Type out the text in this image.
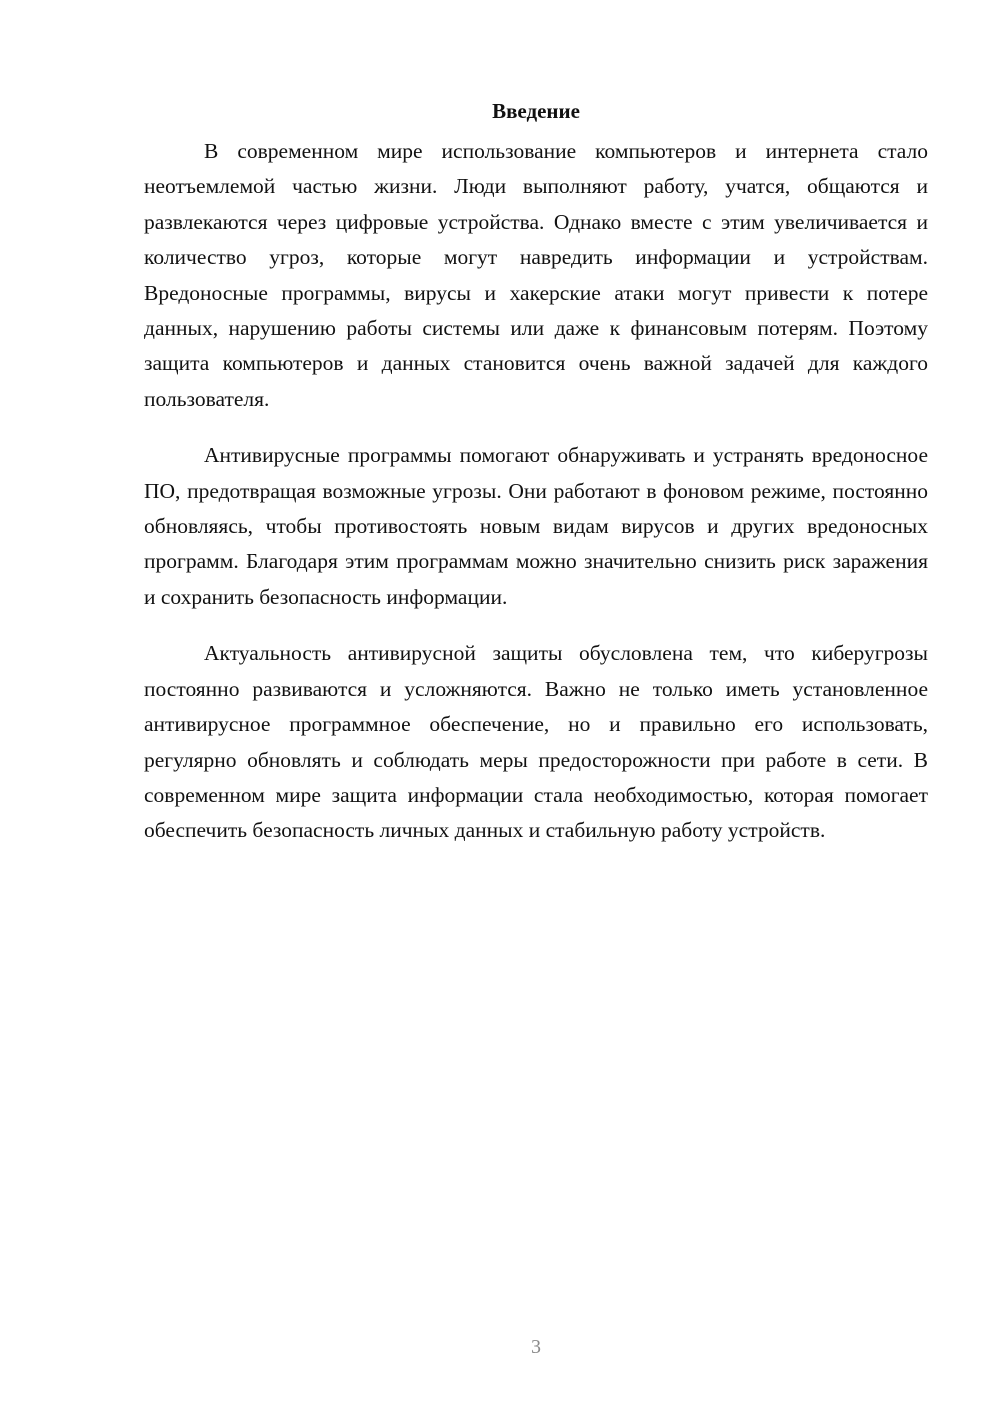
Введение

В современном мире использование компьютеров и интернета стало неотъемлемой частью жизни. Люди выполняют работу, учатся, общаются и развлекаются через цифровые устройства. Однако вместе с этим увеличивается и количество угроз, которые могут навредить информации и устройствам. Вредоносные программы, вирусы и хакерские атаки могут привести к потере данных, нарушению работы системы или даже к финансовым потерям. Поэтому защита компьютеров и данных становится очень важной задачей для каждого пользователя.

Антивирусные программы помогают обнаруживать и устранять вредоносное ПО, предотвращая возможные угрозы. Они работают в фоновом режиме, постоянно обновляясь, чтобы противостоять новым видам вирусов и других вредоносных программ. Благодаря этим программам можно значительно снизить риск заражения и сохранить безопасность информации.

Актуальность антивирусной защиты обусловлена тем, что киберугрозы постоянно развиваются и усложняются. Важно не только иметь установленное антивирусное программное обеспечение, но и правильно его использовать, регулярно обновлять и соблюдать меры предосторожности при работе в сети. В современном мире защита информации стала необходимостью, которая помогает обеспечить безопасность личных данных и стабильную работу устройств.

3
